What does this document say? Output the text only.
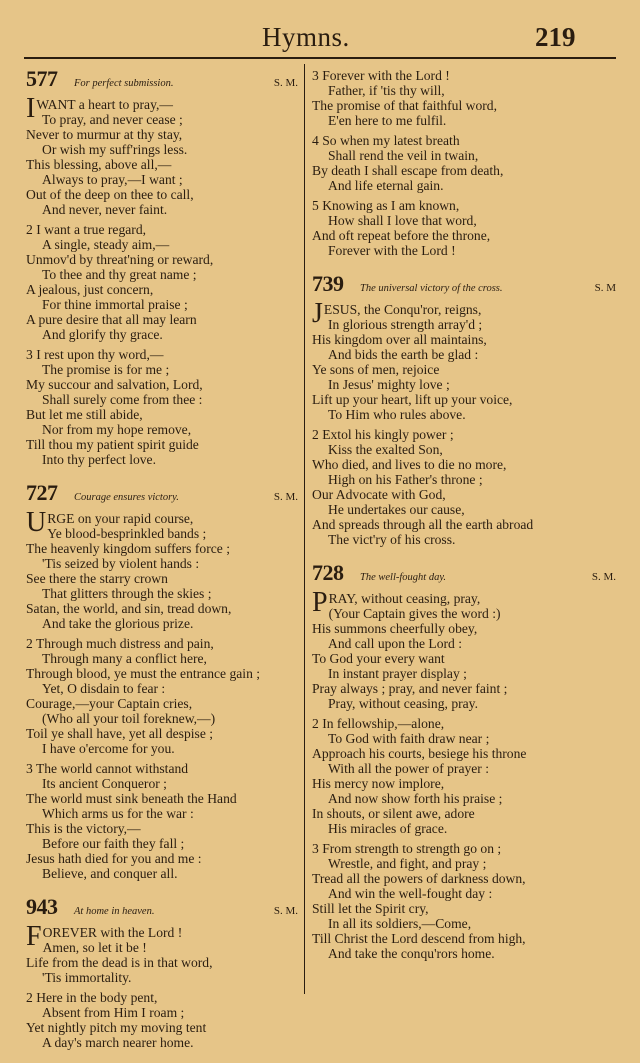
Hymns.	219
577	For perfect submission.	S. M.
IWANT a heart to pray,—
To pray, and never cease ;
Never to murmur at thy stay,
Or wish my suff'rings less.
This blessing, above all,—
Always to pray,—I want ;
Out of the deep on thee to call,
And never, never faint.
2 I want a true regard,
A single, steady aim,—
Unmov'd by threat'ning or reward,
To thee and thy great name ;
A jealous, just concern,
For thine immortal praise ;
A pure desire that all may learn
And glorify thy grace.
3 I rest upon thy word,—
The promise is for me ;
My succour and salvation, Lord,
Shall surely come from thee :
But let me still abide,
Nor from my hope remove,
Till thou my patient spirit guide
Into thy perfect love.
727	Courage ensures victory.	S. M.
URGE on your rapid course,
Ye blood-besprinkled bands ;
The heavenly kingdom suffers force ;
'Tis seized by violent hands :
See there the starry crown
That glitters through the skies ;
Satan, the world, and sin, tread down,
And take the glorious prize.
2 Through much distress and pain,
Through many a conflict here,
Through blood, ye must the entrance gain ;
Yet, O disdain to fear :
Courage,—your Captain cries,
(Who all your toil foreknew,—)
Toil ye shall have, yet all despise ;
I have o'ercome for you.
3 The world cannot withstand
Its ancient Conqueror ;
The world must sink beneath the Hand
Which arms us for the war :
This is the victory,—
Before our faith they fall ;
Jesus hath died for you and me :
Believe, and conquer all.
943	At home in heaven.	S. M.
FOREVER with the Lord !
Amen, so let it be !
Life from the dead is in that word,
'Tis immortality.
2 Here in the body pent,
Absent from Him I roam ;
Yet nightly pitch my moving tent
A day's march nearer home.
3 Forever with the Lord !
Father, if 'tis thy will,
The promise of that faithful word,
E'en here to me fulfil.
4 So when my latest breath
Shall rend the veil in twain,
By death I shall escape from death,
And life eternal gain.
5 Knowing as I am known,
How shall I love that word,
And oft repeat before the throne,
Forever with the Lord !
739	The universal victory of the cross.	S. M
JESUS, the Conqu'ror, reigns,
In glorious strength array'd ;
His kingdom over all maintains,
And bids the earth be glad :
Ye sons of men, rejoice
In Jesus' mighty love ;
Lift up your heart, lift up your voice,
To Him who rules above.
2 Extol his kingly power ;
Kiss the exalted Son,
Who died, and lives to die no more,
High on his Father's throne ;
Our Advocate with God,
He undertakes our cause,
And spreads through all the earth abroad
The vict'ry of his cross.
728	The well-fought day.	S. M.
PRAY, without ceasing, pray,
(Your Captain gives the word :)
His summons cheerfully obey,
And call upon the Lord :
To God your every want
In instant prayer display ;
Pray always ; pray, and never faint ;
Pray, without ceasing, pray.
2 In fellowship,—alone,
To God with faith draw near ;
Approach his courts, besiege his throne
With all the power of prayer :
His mercy now implore,
And now show forth his praise ;
In shouts, or silent awe, adore
His miracles of grace.
3 From strength to strength go on ;
Wrestle, and fight, and pray ;
Tread all the powers of darkness down,
And win the well-fought day :
Still let the Spirit cry,
In all its soldiers,—Come,
Till Christ the Lord descend from high,
And take the conqu'rors home.
